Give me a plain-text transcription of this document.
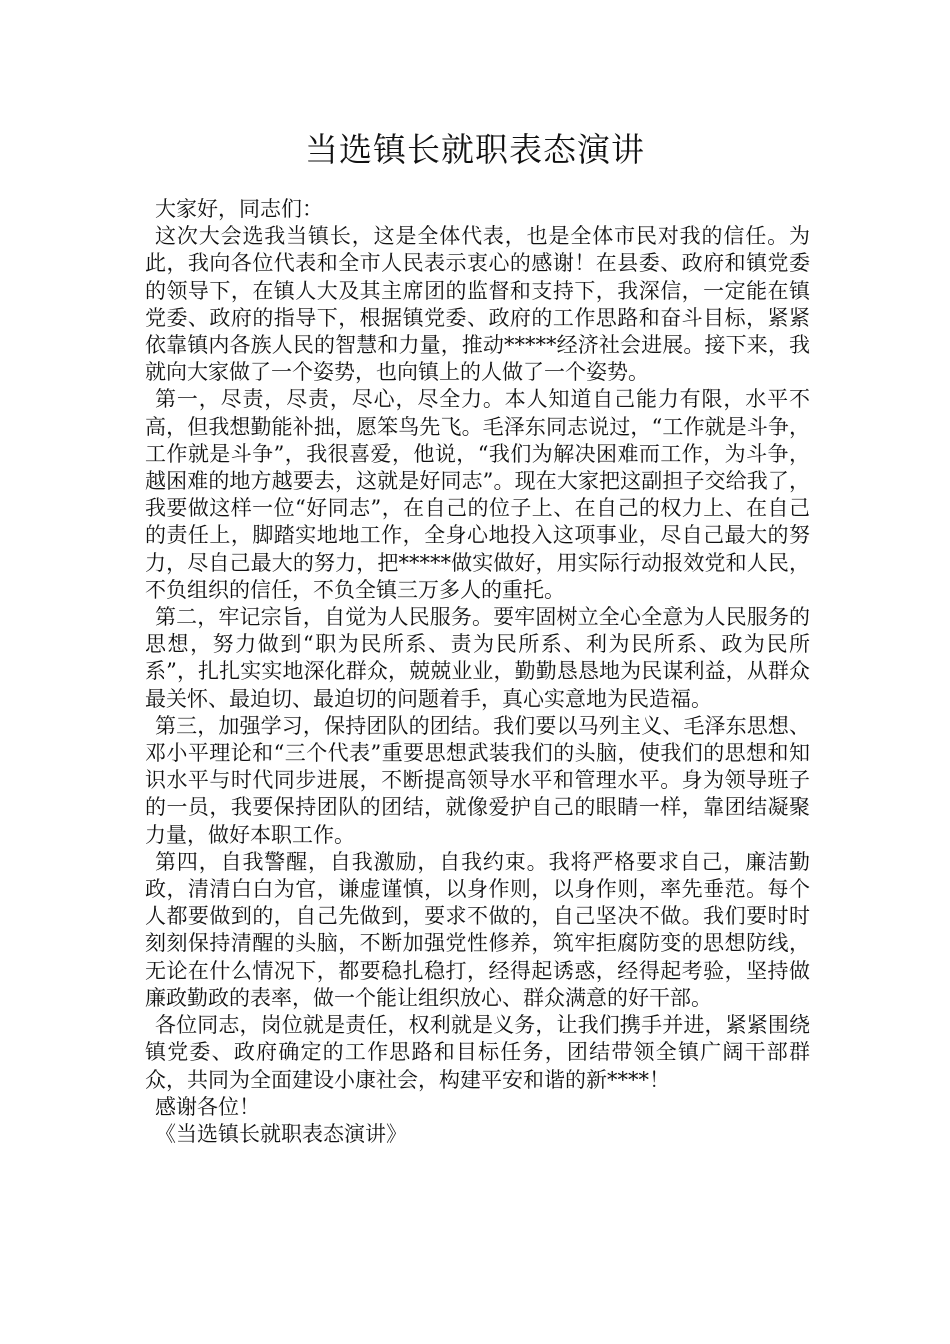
当选镇长就职表态演讲

大家好，同志们：

这次大会选我当镇长，这是全体代表，也是全体市民对我的信任。为此，我向各位代表和全市人民表示衷心的感谢！在县委、政府和镇党委的领导下，在镇人大及其主席团的监督和支持下，我深信，一定能在镇党委、政府的指导下，根据镇党委、政府的工作思路和奋斗目标，紧紧依靠镇内各族人民的智慧和力量，推动*****经济社会进展。接下来，我就向大家做了一个姿势，也向镇上的人做了一个姿势。

第一，尽责，尽责，尽心，尽全力。本人知道自己能力有限，水平不高，但我想勤能补拙，愿笨鸟先飞。毛泽东同志说过，“工作就是斗争，工作就是斗争”，我很喜爱，他说，“我们为解决困难而工作，为斗争，越困难的地方越要去，这就是好同志”。现在大家把这副担子交给我了，我要做这样一位“好同志”，在自己的位子上、在自己的权力上、在自己的责任上，脚踏实地地工作，全身心地投入这项事业，尽自己最大的努力，尽自己最大的努力，把*****做实做好，用实际行动报效党和人民，不负组织的信任，不负全镇三万多人的重托。

第二，牢记宗旨，自觉为人民服务。要牢固树立全心全意为人民服务的思想，努力做到“职为民所系、责为民所系、利为民所系、政为民所系”，扎扎实实地深化群众，兢兢业业，勤勤恳恳地为民谋利益，从群众最关怀、最迫切、最迫切的问题着手，真心实意地为民造福。

第三，加强学习，保持团队的团结。我们要以马列主义、毛泽东思想、邓小平理论和“三个代表”重要思想武装我们的头脑，使我们的思想和知识水平与时代同步进展，不断提高领导水平和管理水平。身为领导班子的一员，我要保持团队的团结，就像爱护自己的眼睛一样，靠团结凝聚力量，做好本职工作。

第四，自我警醒，自我激励，自我约束。我将严格要求自己，廉洁勤政，清清白白为官，谦虚谨慎，以身作则，以身作则，率先垂范。每个人都要做到的，自己先做到，要求不做的，自己坚决不做。我们要时时刻刻保持清醒的头脑，不断加强党性修养，筑牢拒腐防变的思想防线，无论在什么情况下，都要稳扎稳打，经得起诱惑，经得起考验，坚持做廉政勤政的表率，做一个能让组织放心、群众满意的好干部。

各位同志，岗位就是责任，权利就是义务，让我们携手并进，紧紧围绕镇党委、政府确定的工作思路和目标任务，团结带领全镇广阔干部群众，共同为全面建设小康社会，构建平安和谐的新****！

感谢各位！

《当选镇长就职表态演讲》
